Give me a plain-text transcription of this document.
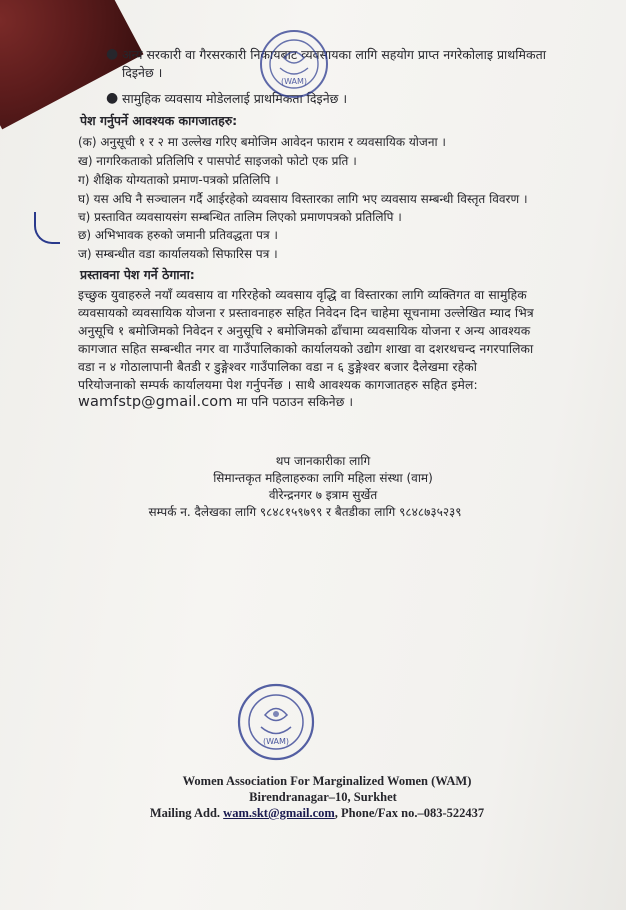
● अन्य सरकारी वा गैरसरकारी निकायबाट व्यवसायका लागि सहयोग प्राप्त नगरेकोलाइ प्राथमिकता
दिइनेछ ।
● सामुहिक व्यवसाय मोडेललाई प्राथमिकता दिइनेछ ।
(WAM)
पेश गर्नुपर्ने आवश्यक कागजातहरु:
(क) अनुसूची १ र २ मा उल्लेख गरिए बमोजिम आवेदन फाराम र व्यवसायिक योजना ।
ख) नागरिकताको प्रतिलिपि र पासपोर्ट साइजको फोटो एक प्रति ।
ग) शैक्षिक योग्यताको प्रमाण-पत्रको प्रतिलिपि ।
घ) यस अघि नै सञ्चालन गर्दै आईरहेको व्यवसाय विस्तारका लागि भए व्यवसाय सम्बन्धी विस्तृत विवरण ।
च) प्रस्तावित व्यवसायसंग सम्बन्धित तालिम लिएको प्रमाणपत्रको प्रतिलिपि ।
छ) अभिभावक हरुको जमानी प्रतिवद्धता पत्र ।
ज) सम्बन्धीत वडा कार्यालयको सिफारिस पत्र ।
प्रस्तावना पेश गर्ने ठेगाना:
इच्छुक युवाहरुले नयाँ व्यवसाय वा गरिरहेको व्यवसाय वृद्धि वा विस्तारका लागि व्यक्तिगत वा सामुहिक
व्यवसायको व्यवसायिक योजना र प्रस्तावनाहरु सहित निवेदन दिन चाहेमा सूचनामा उल्लेखित म्याद भित्र
अनुसूचि १ बमोजिमको निवेदन र अनुसूचि २ बमोजिमको ढाँचामा व्यवसायिक योजना र अन्य आवश्यक
कागजात सहित सम्बन्धीत नगर वा गाउँपालिकाको कार्यालयको उद्योग शाखा वा दशरथचन्द नगरपालिका
वडा न ४ गोठालापानी बैतडी र डुङ्गेश्वर गाउँपालिका वडा न ६ डुङ्गेश्वर बजार दैलेखमा रहेको
परियोजनाको सम्पर्क कार्यालयमा पेश गर्नुपर्नेछ । साथै आवश्यक कागजातहरु सहित इमेल:
wamfstp@gmail.com मा पनि पठाउन सकिनेछ ।
थप जानकारीका लागि
सिमान्तकृत महिलाहरुका लागि महिला संस्था (वाम)
वीरेन्द्रनगर ७ इत्राम सुर्खेत
सम्पर्क न. दैलेखका लागि ९८४८१५९७९९ र बैतडीका लागि ९८४८७३५२३९
(WAM)
Women Association For Marginalized Women (WAM)
Birendranagar–10, Surkhet
Mailing Add. wam.skt@gmail.com, Phone/Fax no.–083-522437
